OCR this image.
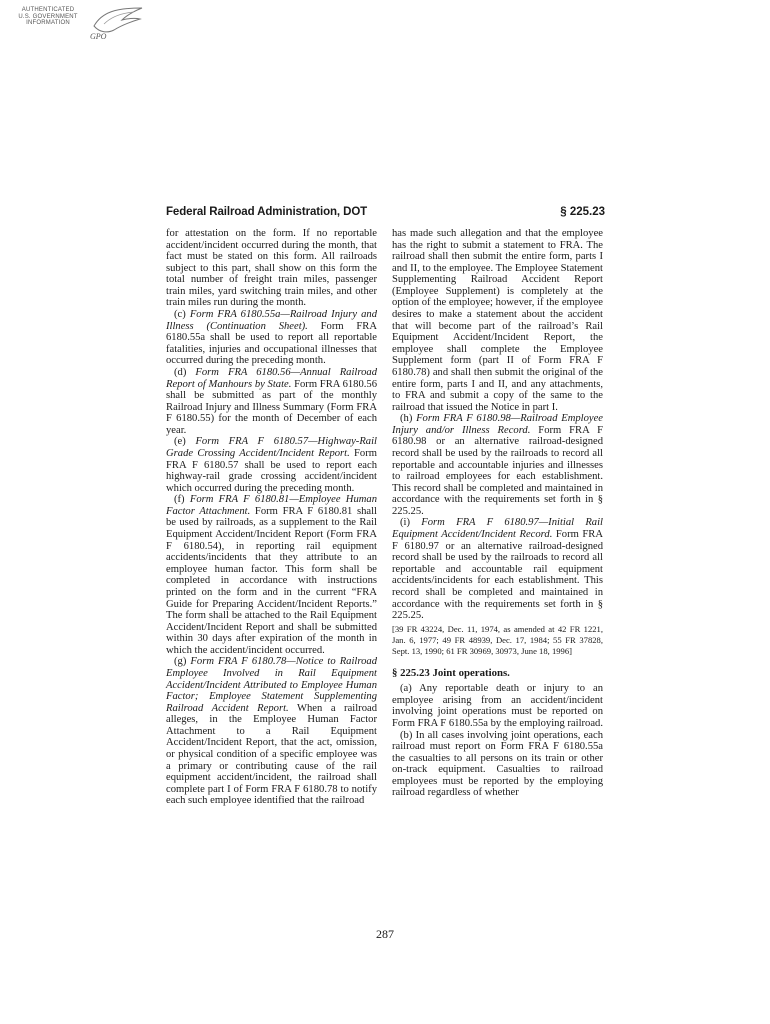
AUTHENTICATED
U.S. GOVERNMENT
INFORMATION
GPO
Federal Railroad Administration, DOT	§ 225.23

for attestation on the form. If no reportable accident/incident occurred during the month, that fact must be stated on this form. All railroads subject to this part, shall show on this form the total number of freight train miles, passenger train miles, yard switching train miles, and other train miles run during the month.

(c) Form FRA 6180.55a—Railroad Injury and Illness (Continuation Sheet). Form FRA 6180.55a shall be used to report all reportable fatalities, injuries and occupational illnesses that occurred during the preceding month.

(d) Form FRA 6180.56—Annual Railroad Report of Manhours by State. Form FRA 6180.56 shall be submitted as part of the monthly Railroad Injury and Illness Summary (Form FRA F 6180.55) for the month of December of each year.

(e) Form FRA F 6180.57—Highway-Rail Grade Crossing Accident/Incident Report. Form FRA F 6180.57 shall be used to report each highway-rail grade crossing accident/incident which occurred during the preceding month.

(f) Form FRA F 6180.81—Employee Human Factor Attachment. Form FRA F 6180.81 shall be used by railroads, as a supplement to the Rail Equipment Accident/Incident Report (Form FRA F 6180.54), in reporting rail equipment accidents/incidents that they attribute to an employee human factor. This form shall be completed in accordance with instructions printed on the form and in the current “FRA Guide for Preparing Accident/Incident Reports.” The form shall be attached to the Rail Equipment Accident/Incident Report and shall be submitted within 30 days after expiration of the month in which the accident/incident occurred.

(g) Form FRA F 6180.78—Notice to Railroad Employee Involved in Rail Equipment Accident/Incident Attributed to Employee Human Factor; Employee Statement Supplementing Railroad Accident Report. When a railroad alleges, in the Employee Human Factor Attachment to a Rail Equipment Accident/Incident Report, that the act, omission, or physical condition of a specific employee was a primary or contributing cause of the rail equipment accident/incident, the railroad shall complete part I of Form FRA F 6180.78 to notify each such employee identified that the railroad

has made such allegation and that the employee has the right to submit a statement to FRA. The railroad shall then submit the entire form, parts I and II, to the employee. The Employee Statement Supplementing Railroad Accident Report (Employee Supplement) is completely at the option of the employee; however, if the employee desires to make a statement about the accident that will become part of the railroad’s Rail Equipment Accident/Incident Report, the employee shall complete the Employee Supplement form (part II of Form FRA F 6180.78) and shall then submit the original of the entire form, parts I and II, and any attachments, to FRA and submit a copy of the same to the railroad that issued the Notice in part I.

(h) Form FRA F 6180.98—Railroad Employee Injury and/or Illness Record. Form FRA F 6180.98 or an alternative railroad-designed record shall be used by the railroads to record all reportable and accountable injuries and illnesses to railroad employees for each establishment. This record shall be completed and maintained in accordance with the requirements set forth in § 225.25.

(i) Form FRA F 6180.97—Initial Rail Equipment Accident/Incident Record. Form FRA F 6180.97 or an alternative railroad-designed record shall be used by the railroads to record all reportable and accountable rail equipment accidents/incidents for each establishment. This record shall be completed and maintained in accordance with the requirements set forth in § 225.25.

[39 FR 43224, Dec. 11, 1974, as amended at 42 FR 1221, Jan. 6, 1977; 49 FR 48939, Dec. 17, 1984; 55 FR 37828, Sept. 13, 1990; 61 FR 30969, 30973, June 18, 1996]

§ 225.23 Joint operations.

(a) Any reportable death or injury to an employee arising from an accident/incident involving joint operations must be reported on Form FRA F 6180.55a by the employing railroad.

(b) In all cases involving joint operations, each railroad must report on Form FRA F 6180.55a the casualties to all persons on its train or other on-track equipment. Casualties to railroad employees must be reported by the employing railroad regardless of whether

287
